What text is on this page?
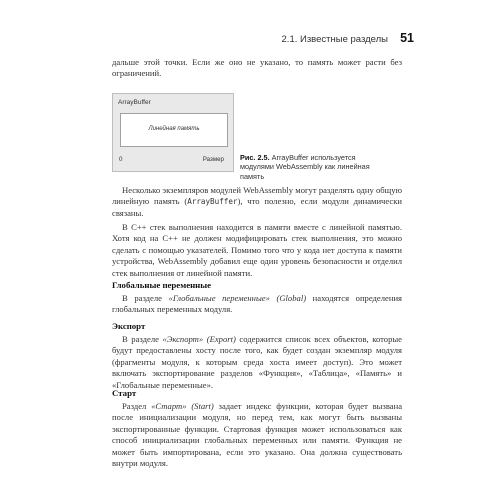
2.1. Известные разделы 51
дальше этой точки. Если же оно не указано, то память может расти без ограничений.
ArrayBuffer
Линейная память
0	Размер Рис. 2.5. ArrayBuffer используется модулями WebAssembly как линейная память
Несколько экземпляров модулей WebAssembly могут разделять одну общую линейную память (ArrayBuffer), что полезно, если модули динамически связаны.
В C++ стек выполнения находится в памяти вместе с линейной памятью. Хотя код на C++ не должен модифицировать стек выполнения, это можно сделать с помощью указателей. Помимо того что у кода нет доступа к памяти устройства, WebAssembly добавил еще один уровень безопасности и отделил стек выполнения от линейной памяти.
Глобальные переменные
В разделе «Глобальные переменные» (Global) находятся определения глобальных переменных модуля.
Экспорт
В разделе «Экспорт» (Export) содержится список всех объектов, которые будут предоставлены хосту после того, как будет создан экземпляр модуля (фрагменты модуля, к которым среда хоста имеет доступ). Это может включать экспортирование разделов «Функция», «Таблица», «Память» и «Глобальные переменные».
Старт
Раздел «Старт» (Start) задает индекс функции, которая будет вызвана после инициализации модуля, но перед тем, как могут быть вызваны экспортированные функции. Стартовая функция может использоваться как способ инициализации глобальных переменных или памяти. Функция не может быть импортирована, если это указано. Она должна существовать внутри модуля.
